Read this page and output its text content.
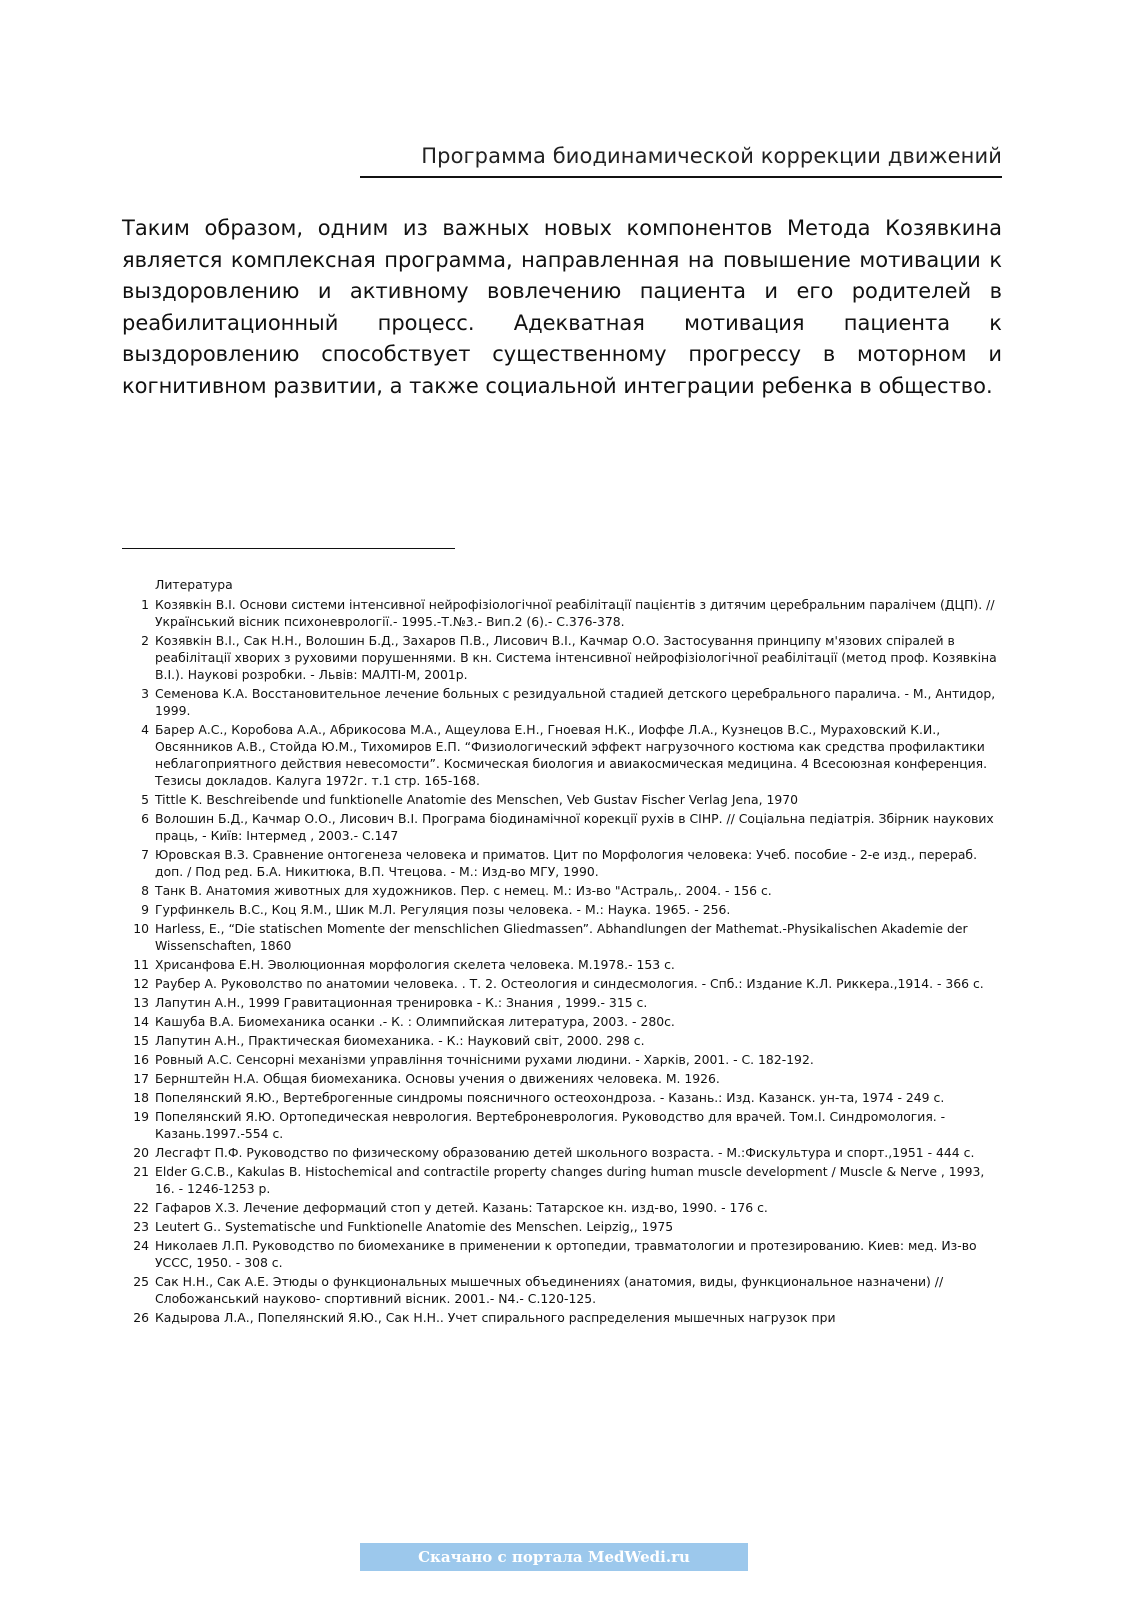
Программа биодинамической коррекции движений

Таким образом, одним из важных новых компонентов Метода Козявкина является комплексная программа, направленная на повышение мотивации к выздоровлению и активному вовлечению пациента и его родителей в реабилитационный процесс. Адекватная мотивация пациента к выздоровлению способствует существенному прогрессу в моторном и когнитивном развитии, а также социальной интеграции ребенка в общество.

Литература
1 Козявкін В.І. Основи системи інтенсивної нейрофізіологічної реабілітації пацієнтів з дитячим церебральним паралічем (ДЦП). // Український вісник психоневрології.- 1995.-Т.№3.- Вип.2 (6).- С.376-378.
2 Козявкін В.І., Сак Н.Н., Волошин Б.Д., Захаров П.В., Лисович В.І., Качмар О.О. Застосування принципу м'язових спіралей в реабілітації хворих з руховими порушеннями. В кн. Система інтенсивної нейрофізіологічної реабілітації (метод проф. Козявкіна В.І.). Наукові розробки. - Львів: МАЛТІ-М, 2001р.
3 Семенова К.А. Восстановительное лечение больных с резидуальной стадией детского церебрального паралича. - М., Антидор, 1999.
4 Барер А.С., Коробова А.А., Абрикосова М.А., Ащеулова Е.Н., Гноевая Н.К., Иоффе Л.А., Кузнецов В.С., Мураховский К.И., Овсянников А.В., Стойда Ю.М., Тихомиров Е.П. “Физиологический эффект нагрузочного костюма как средства профилактики неблагоприятного действия невесомости”. Космическая биология и авиакосмическая медицина. 4 Всесоюзная конференция. Тезисы докладов. Калуга 1972г. т.1 стр. 165-168.
5 Tittle K. Beschreibende und funktionelle Anatomie des Menschen, Veb Gustav Fischer Verlag Jena, 1970
6 Волошин Б.Д., Качмар О.О., Лисович В.І. Програма біодинамічної корекції рухів в СІНР. // Соціальна педіатрія. Збірник наукових праць, - Київ: Інтермед , 2003.- С.147
7 Юровская В.З. Сравнение онтогенеза человека и приматов. Цит по Морфология человека: Учеб. пособие - 2-е изд., перераб. доп. / Под ред. Б.А. Никитюка, В.П. Чтецова. - М.: Изд-во МГУ, 1990.
8 Танк В. Анатомия животных для художников. Пер. с немец. М.: Из-во "Астраль,. 2004. - 156 с.
9 Гурфинкель В.С., Коц Я.М., Шик М.Л. Регуляция позы человека. - М.: Наука. 1965. - 256.
10 Harless, E., “Die statischen Momente der menschlichen Gliedmassen”. Abhandlungen der Mathemat.-Physikalischen Akademie der Wissenschaften, 1860
11 Хрисанфова Е.Н. Эволюционная морфология скелета человека. М.1978.- 153 с.
12 Раубер А. Руковолство по анатомии человека. . Т. 2. Остеология и синдесмология. - Спб.: Издание К.Л. Риккера.,1914. - 366 с.
13 Лапутин А.Н., 1999 Гравитационная тренировка - К.: Знания , 1999.- 315 с.
14 Кашуба В.А. Биомеханика осанки .- К. : Олимпийская литература, 2003. - 280с.
15 Лапутин А.Н., Практическая биомеханика. - К.: Науковий світ, 2000. 298 с.
16 Ровный А.С. Сенсорні механізми управління точнісними рухами людини. - Харків, 2001. - С. 182-192.
17 Бернштейн Н.А. Общая биомеханика. Основы учения о движениях человека. М. 1926.
18 Попелянский Я.Ю., Вертеброгенные синдромы поясничного остеохондроза. - Казань.: Изд. Казанск. ун-та, 1974 - 249 с.
19 Попелянский Я.Ю. Ортопедическая неврология. Вертеброневрология. Руководство для врачей. Том.І. Синдромология. - Казань.1997.-554 с.
20 Лесгафт П.Ф. Руководство по физическому образованию детей школьного возраста. - М.:Фискультура и спорт.,1951 - 444 с.
21 Elder G.C.B., Kakulas B. Histochemical and contractile property changes during human muscle development / Muscle & Nerve , 1993, 16. - 1246-1253 p.
22 Гафаров Х.З. Лечение деформаций стоп у детей. Казань: Татарское кн. изд-во, 1990. - 176 с.
23 Leutert G.. Systematische und Funktionelle Anatomie des Menschen. Leipzig,, 1975
24 Николаев Л.П. Руководство по биомеханике в применении к ортопедии, травматологии и протезированию. Киев: мед. Из-во УССС, 1950. - 308 с.
25 Сак Н.Н., Сак А.Е. Этюды о функциональных мышечных объединениях (анатомия, виды, функциональное назначени) // Слобожанський науково- спортивний вісник. 2001.- N4.- С.120-125.
26 Кадырова Л.А., Попелянский Я.Ю., Сак Н.Н.. Учет спирального распределения мышечных нагрузок при
Скачано с портала MedWedi.ru
